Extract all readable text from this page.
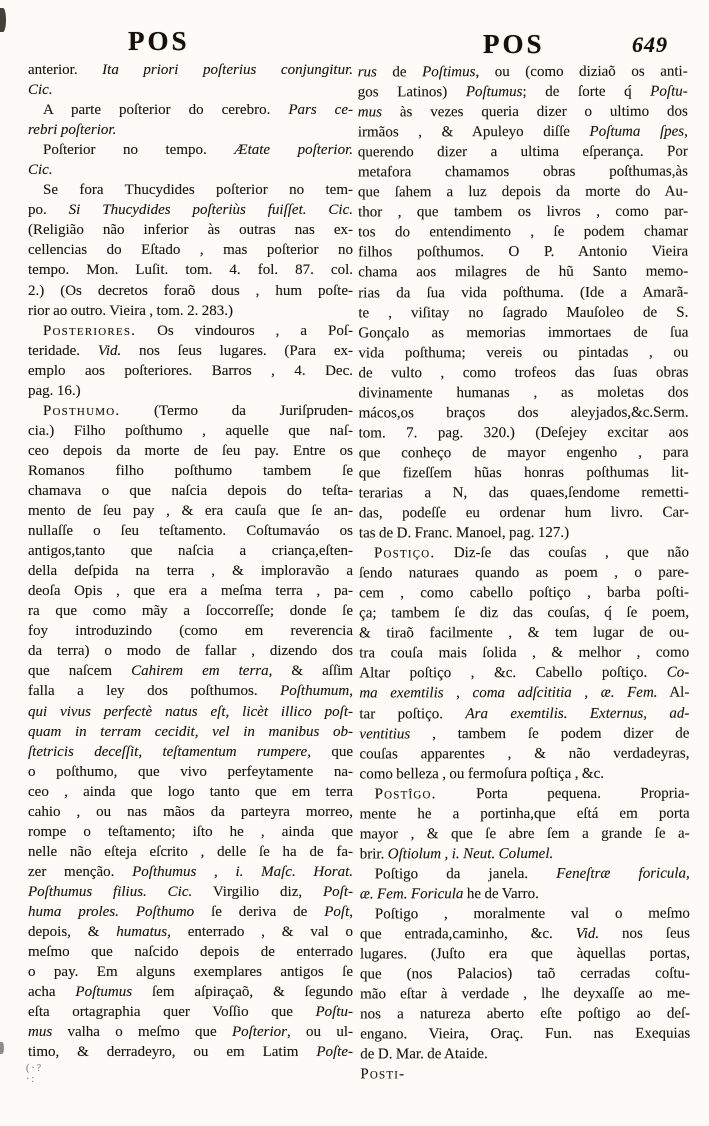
POS	POS	649
anterior. Ita priori poſterius conjungitur.
Cic.
A parte poſterior do cerebro. Pars ce-
rebri poſterior.
Poſterior no tempo. Ætate poſterior.
Cic.
Se fora Thucydides poſterior no tem-
po. Si Thucydides poſteriùs fuiſſet. Cic.
(Religião não inferior às outras nas ex-
cellencias do Eſtado , mas poſterior no
tempo. Mon. Luſit. tom. 4. fol. 87. col.
2.) (Os decretos foraõ dous , hum poſte-
rior ao outro. Vieira , tom. 2. 283.)
Posteriores. Os vindouros , a Poſ-
teridade. Vid. nos ſeus lugares. (Para ex-
emplo aos poſteriores. Barros , 4. Dec.
pag. 16.)
Posthumo. (Termo da Juriſpruden-
cia.) Filho poſthumo , aquelle que naſ-
ceo depois da morte de ſeu pay. Entre os
Romanos filho poſthumo tambem ſe
chamava o que naſcia depois do teſta-
mento de ſeu pay , & era cauſa que ſe an-
nullaſſe o ſeu teſtamento. Coſtumaváo os
antigos,tanto que naſcia a criança,eſten-
della deſpida na terra , & imploravão a
deoſa Opis , que era a meſma terra , pa-
ra que como mãy a ſoccorreſſe; donde ſe
foy introduzindo (como em reverencia
da terra) o modo de fallar , dizendo dos
que naſcem Cahirem em terra, & aſſim
falla a ley dos poſthumos. Poſthumum,
qui vivus perfectè natus eſt, licèt illico poſt-
quam in terram cecidit, vel in manibus ob-
ſtetricis deceſſit, teſtamentum rumpere, que
o poſthumo, que vivo perfeytamente na-
ceo , ainda que logo tanto que em terra
cahio , ou nas mãos da parteyra morreo,
rompe o teſtamento; iſto he , ainda que
nelle não eſteja eſcrito , delle ſe ha de fa-
zer menção. Poſthumus , i. Maſc. Horat.
Poſthumus filius. Cic. Virgilio diz, Poſt-
huma proles. Poſthumo ſe deriva de Poſt,
depois, & humatus, enterrado , & val o
meſmo que naſcido depois de enterrado
o pay. Em alguns exemplares antigos ſe
acha Poſtumus ſem aſpiraçaõ, & ſegundo
eſta ortagraphia quer Voſſio que Poſtu-
mus valha o meſmo que Poſterior, ou ul-
timo, & derradeyro, ou em Latim Poſte-
rus de Poſtimus, ou (como diziaõ os anti-
gos Latinos) Poſtumus; de ſorte q́ Poſtu-
mus às vezes queria dizer o ultimo dos
irmãos , & Apuleyo diſſe Poſtuma ſpes,
querendo dizer a ultima eſperança. Por
metafora chamamos obras poſthumas,às
que ſahem a luz depois da morte do Au-
thor , que tambem os livros , como par-
tos do entendimento , ſe podem chamar
filhos poſthumos. O P. Antonio Vieira
chama aos milagres de hũ Santo memo-
rias da ſua vida poſthuma. (Ide a Amarã-
te , viſitay no ſagrado Mauſoleo de S.
Gonçalo as memorias immortaes de ſua
vida poſthuma; vereis ou pintadas , ou
de vulto , como trofeos das ſuas obras
divinamente humanas , as moletas dos
mácos,os braços dos aleyjados,&c.Serm.
tom. 7. pag. 320.) (Deſejey excitar aos
que conheço de mayor engenho , para
que fizeſſem hũas honras poſthumas lit-
terarias a N, das quaes,ſendome remetti-
das, podeſſe eu ordenar hum livro. Car-
tas de D. Franc. Manoel, pag. 127.)
Postiço. Diz-ſe das couſas , que não
ſendo naturaes quando as poem , o pare-
cem , como cabello poſtiço , barba poſti-
ça; tambem ſe diz das couſas, q́ ſe poem,
& tiraõ facilmente , & tem lugar de ou-
tra couſa mais ſolida , & melhor , como
Altar poſtiço , &c. Cabello poſtiço. Co-
ma exemtilis , coma adſcititia , æ. Fem. Al-
tar poſtiço. Ara exemtilis. Externus, ad-
ventitius , tambem ſe podem dizer de
couſas apparentes , & não verdadeyras,
como belleza , ou fermoſura poſtiça , &c.
Postîgo. Porta pequena. Propria-
mente he a portinha,que eſtá em porta
mayor , & que ſe abre ſem a grande ſe a-
brir. Oſtiolum , i. Neut. Columel.
Poſtigo da janela. Feneſtræ foricula,
æ. Fem. Foricula he de Varro.
Poſtigo , moralmente val o meſmo
que entrada,caminho, &c. Vid. nos ſeus
lugares. (Juſto era que àquellas portas,
que (nos Palacios) taõ cerradas coſtu-
mão eſtar à verdade , lhe deyxaſſe ao me-
nos a natureza aberto eſte poſtigo ao deſ-
engano. Vieira, Oraç. Fun. nas Exequias
de D. Mar. de Ataide.
Posti-
(·?·:
